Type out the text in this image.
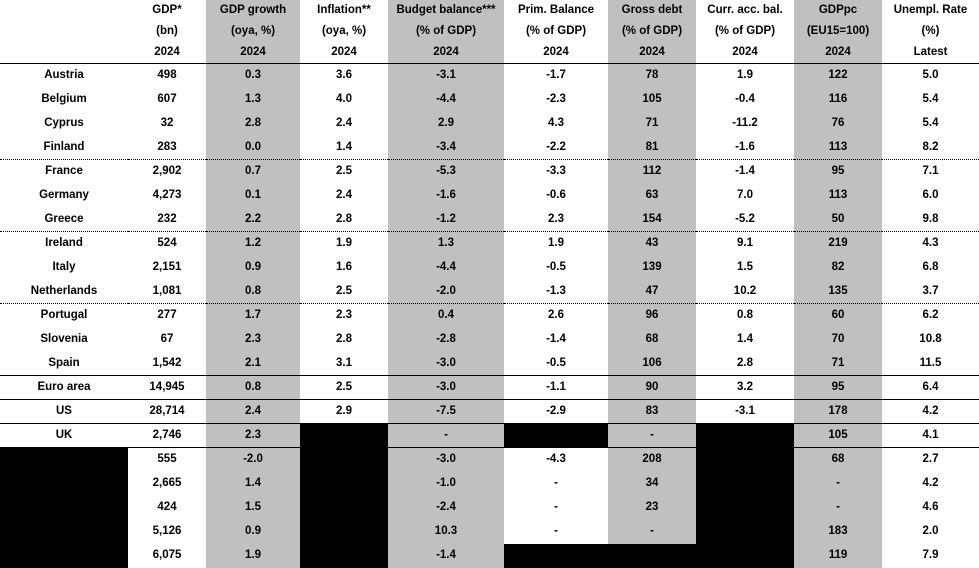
	GDP*	GDP growth	Inflation**	Budget balance***	Prim. Balance	Gross debt	Curr. acc. bal.	GDPpc	Unempl. Rate
	(bn)	(oya, %)	(oya, %)	(% of GDP)	(% of GDP)	(% of GDP)	(% of GDP)	(EU15=100)	(%)
	2024	2024	2024	2024	2024	2024	2024	2024	Latest
Austria	498	0.3	3.6	-3.1	-1.7	78	1.9	122	5.0
Belgium	607	1.3	4.0	-4.4	-2.3	105	-0.4	116	5.4
Cyprus	32	2.8	2.4	2.9	4.3	71	-11.2	76	5.4
Finland	283	0.0	1.4	-3.4	-2.2	81	-1.6	113	8.2
France	2,902	0.7	2.5	-5.3	-3.3	112	-1.4	95	7.1
Germany	4,273	0.1	2.4	-1.6	-0.6	63	7.0	113	6.0
Greece	232	2.2	2.8	-1.2	2.3	154	-5.2	50	9.8
Ireland	524	1.2	1.9	1.3	1.9	43	9.1	219	4.3
Italy	2,151	0.9	1.6	-4.4	-0.5	139	1.5	82	6.8
Netherlands	1,081	0.8	2.5	-2.0	-1.3	47	10.2	135	3.7
Portugal	277	1.7	2.3	0.4	2.6	96	0.8	60	6.2
Slovenia	67	2.3	2.8	-2.8	-1.4	68	1.4	70	10.8
Spain	1,542	2.1	3.1	-3.0	-0.5	106	2.8	71	11.5
Euro area	14,945	0.8	2.5	-3.0	-1.1	90	3.2	95	6.4
US	28,714	2.4	2.9	-7.5	-2.9	83	-3.1	178	4.2
UK	2,746	2.3		-		-		105	4.1
	555	-2.0		-3.0	-4.3	208		68	2.7
	2,665	1.4		-1.0	-	34		-	4.2
	424	1.5		-2.4	-	23		-	4.6
	5,126	0.9		10.3	-	-		183	2.0
	6,075	1.9		-1.4				119	7.9
